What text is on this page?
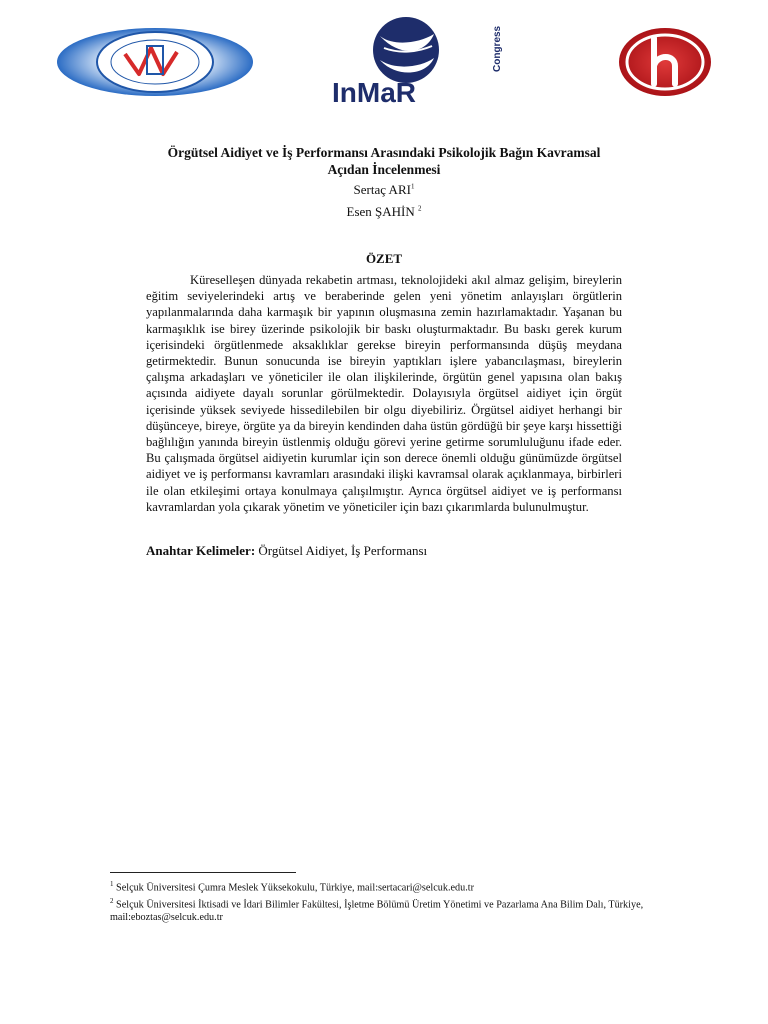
InMaR
Congress
Örgütsel Aidiyet ve İş Performansı Arasındaki Psikolojik Bağın Kavramsal
Açıdan İncelenmesi
Sertaç ARI$^1$
Esen ŞAHİN $^2$
ÖZET

Küreselleşen dünyada rekabetin artması, teknolojideki akıl almaz gelişim, bireylerin eğitim seviyelerindeki artış ve beraberinde gelen yeni yönetim anlayışları örgütlerin yapılanmalarında daha karmaşık bir yapının oluşmasına zemin hazırlamaktadır. Yaşanan bu karmaşıklık ise birey üzerinde psikolojik bir baskı oluşturmaktadır. Bu baskı gerek kurum içerisindeki örgütlenmede aksaklıklar gerekse bireyin performansında düşüş meydana getirmektedir. Bunun sonucunda ise bireyin yaptıkları işlere yabancılaşması, bireylerin çalışma arkadaşları ve yöneticiler ile olan ilişkilerinde, örgütün genel yapısına olan bakış açısında aidiyete dayalı sorunlar görülmektedir. Dolayısıyla örgütsel aidiyet için örgüt içerisinde yüksek seviyede hissedilebilen bir olgu diyebiliriz. Örgütsel aidiyet herhangi bir düşünceye, bireye, örgüte ya da bireyin kendinden daha üstün gördüğü bir şeye karşı hissettiği bağlılığın yanında bireyin üstlenmiş olduğu görevi yerine getirme sorumluluğunu ifade eder. Bu çalışmada örgütsel aidiyetin kurumlar için son derece önemli olduğu günümüzde örgütsel aidiyet ve iş performansı kavramları arasındaki ilişki kavramsal olarak açıklanmaya, birbirleri ile olan etkileşimi ortaya konulmaya çalışılmıştır. Ayrıca örgütsel aidiyet ve iş performansı kavramlardan yola çıkarak yönetim ve yöneticiler için bazı çıkarımlarda bulunulmuştur.

Anahtar Kelimeler: Örgütsel Aidiyet, İş Performansı

$^1$ Selçuk Üniversitesi Çumra Meslek Yüksekokulu, Türkiye, mail:sertacari@selcuk.edu.tr

$^2$ Selçuk Üniversitesi İktisadi ve İdari Bilimler Fakültesi, İşletme Bölümü Üretim Yönetimi ve Pazarlama Ana Bilim Dalı, Türkiye, mail:eboztas@selcuk.edu.tr
